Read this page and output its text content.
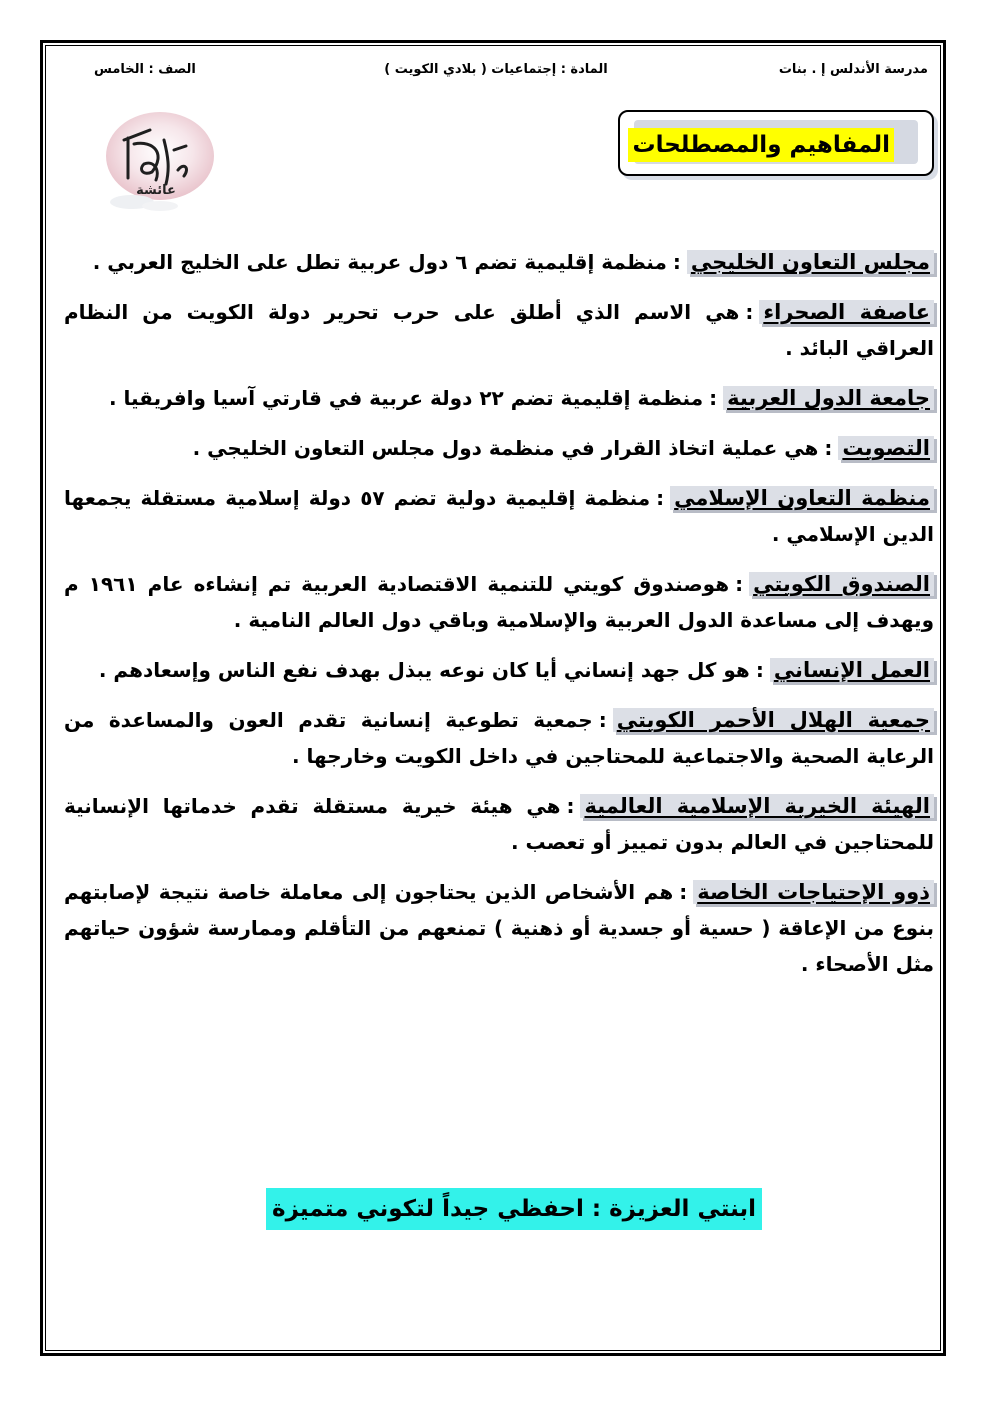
مدرسة الأندلس إ . بنات
المادة : إجتماعيات ( بلادي الكويت )
الصف : الخامس
المفاهيم والمصطلحات
عائشة
مجلس التعاون الخليجي:منظمة إقليمية تضم ٦ دول عربية تطل على الخليج العربي .
عاصفة الصحراء:هي الاسم الذي أطلق على حرب تحرير دولة الكويت من النظام العراقي البائد .
جامعة الدول العربية:منظمة إقليمية تضم ٢٢ دولة عربية في قارتي آسيا وافريقيا .
التصويت:هي عملية اتخاذ القرار في منظمة دول مجلس التعاون الخليجي .
منظمة التعاون الإسلامي:منظمة إقليمية دولية تضم ٥٧ دولة إسلامية مستقلة يجمعها الدين الإسلامي .
الصندوق الكويتي:هوصندوق كويتي للتنمية الاقتصادية العربية تم إنشاءه عام ١٩٦١ م ويهدف إلى مساعدة الدول العربية والإسلامية وباقي دول العالم النامية .
العمل الإنساني:هو كل جهد إنساني أيا كان نوعه يبذل بهدف نفع الناس وإسعادهم .
جمعية الهلال الأحمر الكويتي:جمعية تطوعية إنسانية تقدم العون والمساعدة من الرعاية الصحية والاجتماعية للمحتاجين في داخل الكويت وخارجها .
الهيئة الخيرية الإسلامية العالمية:هي هيئة خيرية مستقلة تقدم خدماتها الإنسانية للمحتاجين في العالم بدون تمييز أو تعصب .
ذوو الإحتياجات الخاصة:هم الأشخاص الذين يحتاجون إلى معاملة خاصة نتيجة لإصابتهم بنوع من الإعاقة ( حسية أو جسدية أو ذهنية ) تمنعهم من التأقلم وممارسة شؤون حياتهم مثل الأصحاء .
ابنتي العزيزة : احفظي جيداً لتكوني متميزة
